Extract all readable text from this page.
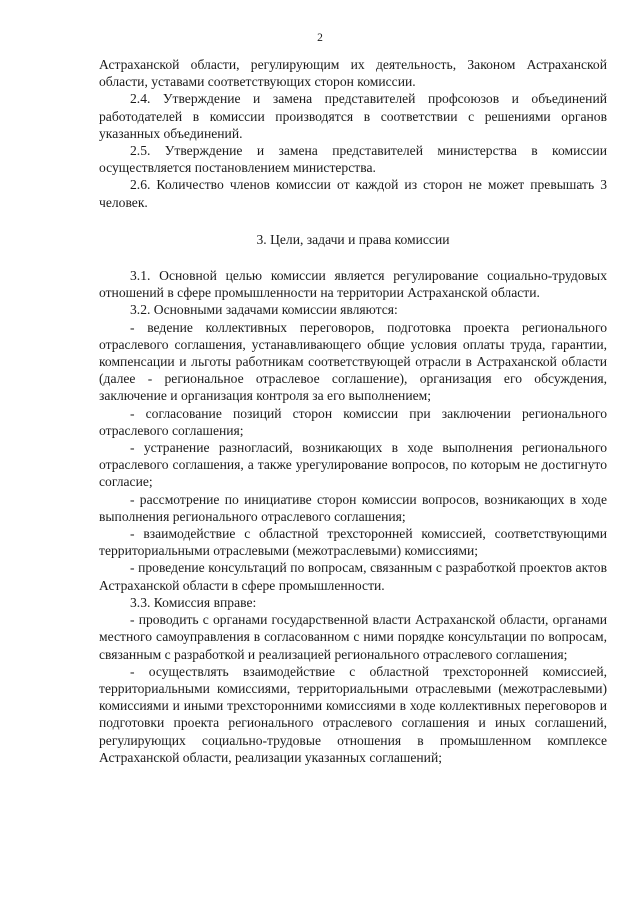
2

Астраханской области, регулирующим их деятельность, Законом Астраханской области, уставами соответствующих сторон комиссии.

2.4. Утверждение и замена представителей профсоюзов и объединений работодателей в комиссии производятся в соответствии с решениями органов указанных объединений.

2.5. Утверждение и замена представителей министерства в комиссии осуществляется постановлением министерства.

2.6. Количество членов комиссии от каждой из сторон не может превышать 3 человек.

3. Цели, задачи и права комиссии

3.1. Основной целью комиссии является регулирование социально-трудовых отношений в сфере промышленности на территории Астраханской области.

3.2. Основными задачами комиссии являются:

- ведение коллективных переговоров, подготовка проекта регионального отраслевого соглашения, устанавливающего общие условия оплаты труда, гарантии, компенсации и льготы работникам соответствующей отрасли в Астраханской области (далее - региональное отраслевое соглашение), организация его обсуждения, заключение и организация контроля за его выполнением;

- согласование позиций сторон комиссии при заключении регионального отраслевого соглашения;

- устранение разногласий, возникающих в ходе выполнения регионального отраслевого соглашения, а также урегулирование вопросов, по которым не достигнуто согласие;

- рассмотрение по инициативе сторон комиссии вопросов, возникающих в ходе выполнения регионального отраслевого соглашения;

- взаимодействие с областной трехсторонней комиссией, соответствующими территориальными отраслевыми (межотраслевыми) комиссиями;

- проведение консультаций по вопросам, связанным с разработкой проектов актов Астраханской области в сфере промышленности.

3.3. Комиссия вправе:

- проводить с органами государственной власти Астраханской области, органами местного самоуправления в согласованном с ними порядке консультации по вопросам, связанным с разработкой и реализацией регионального отраслевого соглашения;

- осуществлять взаимодействие с областной трехсторонней комиссией, территориальными комиссиями, территориальными отраслевыми (межотраслевыми) комиссиями и иными трехсторонними комиссиями в ходе коллективных переговоров и подготовки проекта регионального отраслевого соглашения и иных соглашений, регулирующих социально-трудовые отношения в промышленном комплексе Астраханской области, реализации указанных соглашений;
